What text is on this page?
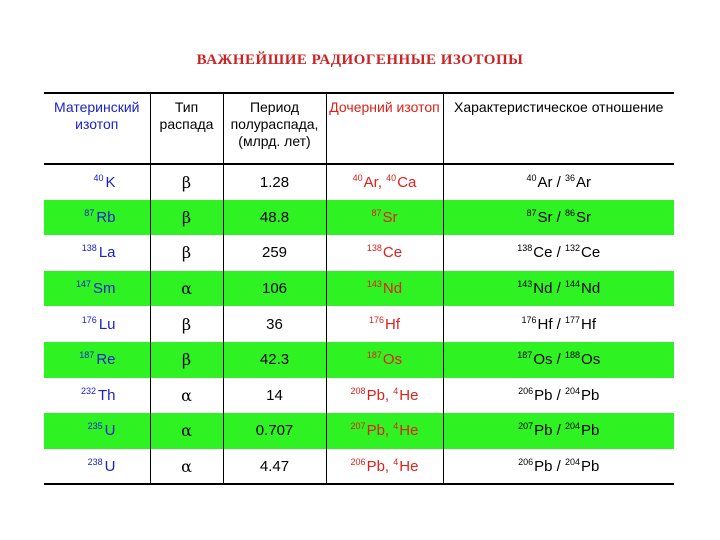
ВАЖНЕЙШИЕ РАДИОГЕННЫЕ ИЗОТОПЫ
Материнский изотоп	Тип распада	Период полураспада, (млрд. лет)	Дочерний изотоп	Характеристическое отношение
$^{40}$ K	β	1.28	$^{40}$Ar, $^{40}$Ca	$^{40}$Ar / $^{36}$Ar
$^{87}$ Rb	β	48.8	$^{87}$Sr	$^{87}$Sr / $^{86}$Sr
$^{138}$ La	β	259	$^{138}$Ce	$^{138}$Ce / $^{132}$Ce
$^{147}$ Sm	α	106	$^{143}$Nd	$^{143}$Nd / $^{144}$Nd
$^{176}$ Lu	β	36	$^{176}$Hf	$^{176}$Hf / $^{177}$Hf
$^{187}$ Re	β	42.3	$^{187}$Os	$^{187}$Os / $^{188}$Os
$^{232}$ Th	α	14	$^{208}$Pb, $^4$He	$^{206}$Pb / $^{204}$Pb
$^{235}$ U	α	0.707	$^{207}$Pb, $^4$He	$^{207}$Pb / $^{204}$Pb
$^{238}$ U	α	4.47	$^{206}$Pb, $^4$He	$^{206}$Pb / $^{204}$Pb
